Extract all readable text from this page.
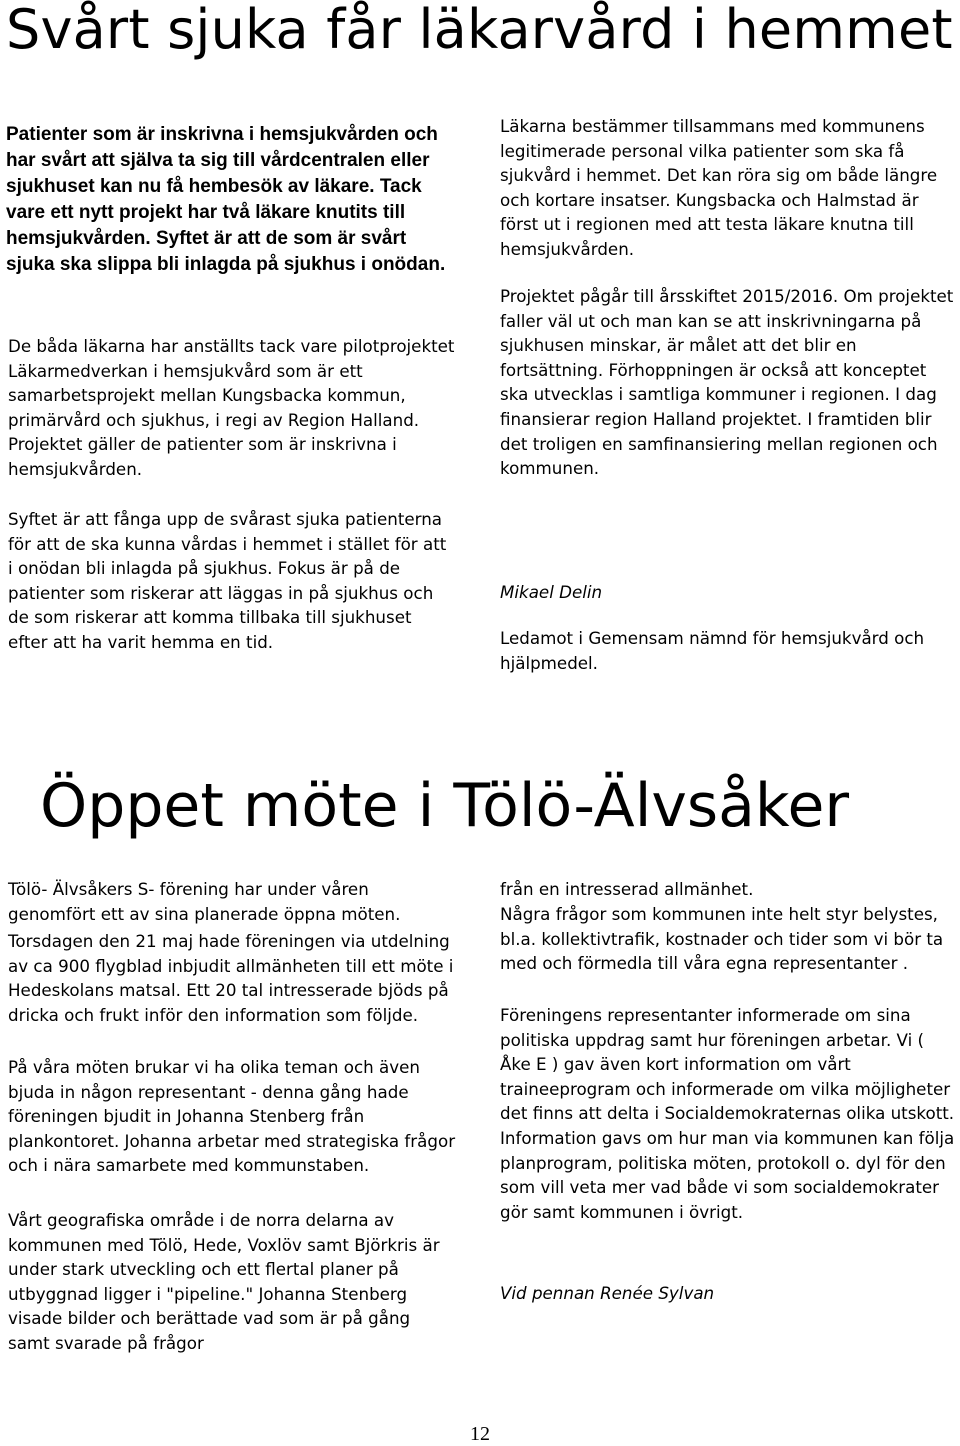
Svårt sjuka får läkarvård i hemmet

Patienter som är inskrivna i hemsjukvården och har svårt att själva ta sig till vårdcentralen eller sjukhuset kan nu få hembesök av läkare. Tack vare ett nytt projekt har två läkare knutits till hemsjukvården. Syftet är att de som är svårt sjuka ska slippa bli inlagda på sjukhus i onödan.

De båda läkarna har anställts tack vare pilotprojektet Läkarmedverkan i hemsjukvård som är ett samarbetsprojekt mellan Kungsbacka kommun, primärvård och sjukhus, i regi av Region Halland. Projektet gäller de patienter som är inskrivna i hemsjukvården.

Syftet är att fånga upp de svårast sjuka patienterna för att de ska kunna vårdas i hemmet i stället för att i onödan bli inlagda på sjukhus. Fokus är på de patienter som riskerar att läggas in på sjukhus och de som riskerar att komma tillbaka till sjukhuset efter att ha varit hemma en tid.

Läkarna bestämmer tillsammans med kommunens legitimerade personal vilka patienter som ska få sjukvård i hemmet. Det kan röra sig om både längre och kortare insatser. Kungsbacka och Halmstad är först ut i regionen med att testa läkare knutna till hemsjukvården.

Projektet pågår till årsskiftet 2015/2016. Om projektet faller väl ut och man kan se att inskrivningarna på sjukhusen minskar, är målet att det blir en fortsättning. Förhoppningen är också att konceptet ska utvecklas i samtliga kommuner i regionen. I dag finansierar region Halland projektet. I framtiden blir det troligen en samfinansiering mellan regionen och kommunen.

Mikael Delin

Ledamot i Gemensam nämnd för hemsjukvård och hjälpmedel.

Öppet möte i Tölö-Älvsåker

Tölö- Älvsåkers S- förening har under våren genomfört ett av sina planerade öppna möten.

Torsdagen den 21 maj hade föreningen via utdelning av ca 900 flygblad inbjudit allmänheten till ett möte i Hedeskolans matsal. Ett 20 tal intresserade bjöds på dricka och frukt inför den information som följde.

På våra möten brukar vi ha olika teman och även bjuda in någon representant - denna gång hade föreningen bjudit in Johanna Stenberg från plankontoret. Johanna arbetar med strategiska frågor och i nära samarbete med kommunstaben.

Vårt geografiska område i de norra delarna av kommunen med Tölö, Hede, Voxlöv samt Björkris är under stark utveckling och ett flertal planer på utbyggnad ligger i "pipeline." Johanna Stenberg visade bilder och berättade vad som är på gång samt svarade på frågor

från en intresserad allmänhet.

Några frågor som kommunen inte helt styr belystes, bl.a. kollektivtrafik, kostnader och tider som vi bör ta med och förmedla till våra egna representanter .

Föreningens representanter informerade om sina politiska uppdrag samt hur föreningen arbetar. Vi ( Åke E ) gav även kort information om vårt traineeprogram och informerade om vilka möjligheter det finns att delta i Socialdemokraternas olika utskott. Information gavs om hur man via kommunen kan följa planprogram, politiska möten, protokoll o. dyl för den som vill veta mer vad både vi som socialdemokrater gör samt kommunen i övrigt.

Vid pennan Renée Sylvan

12
